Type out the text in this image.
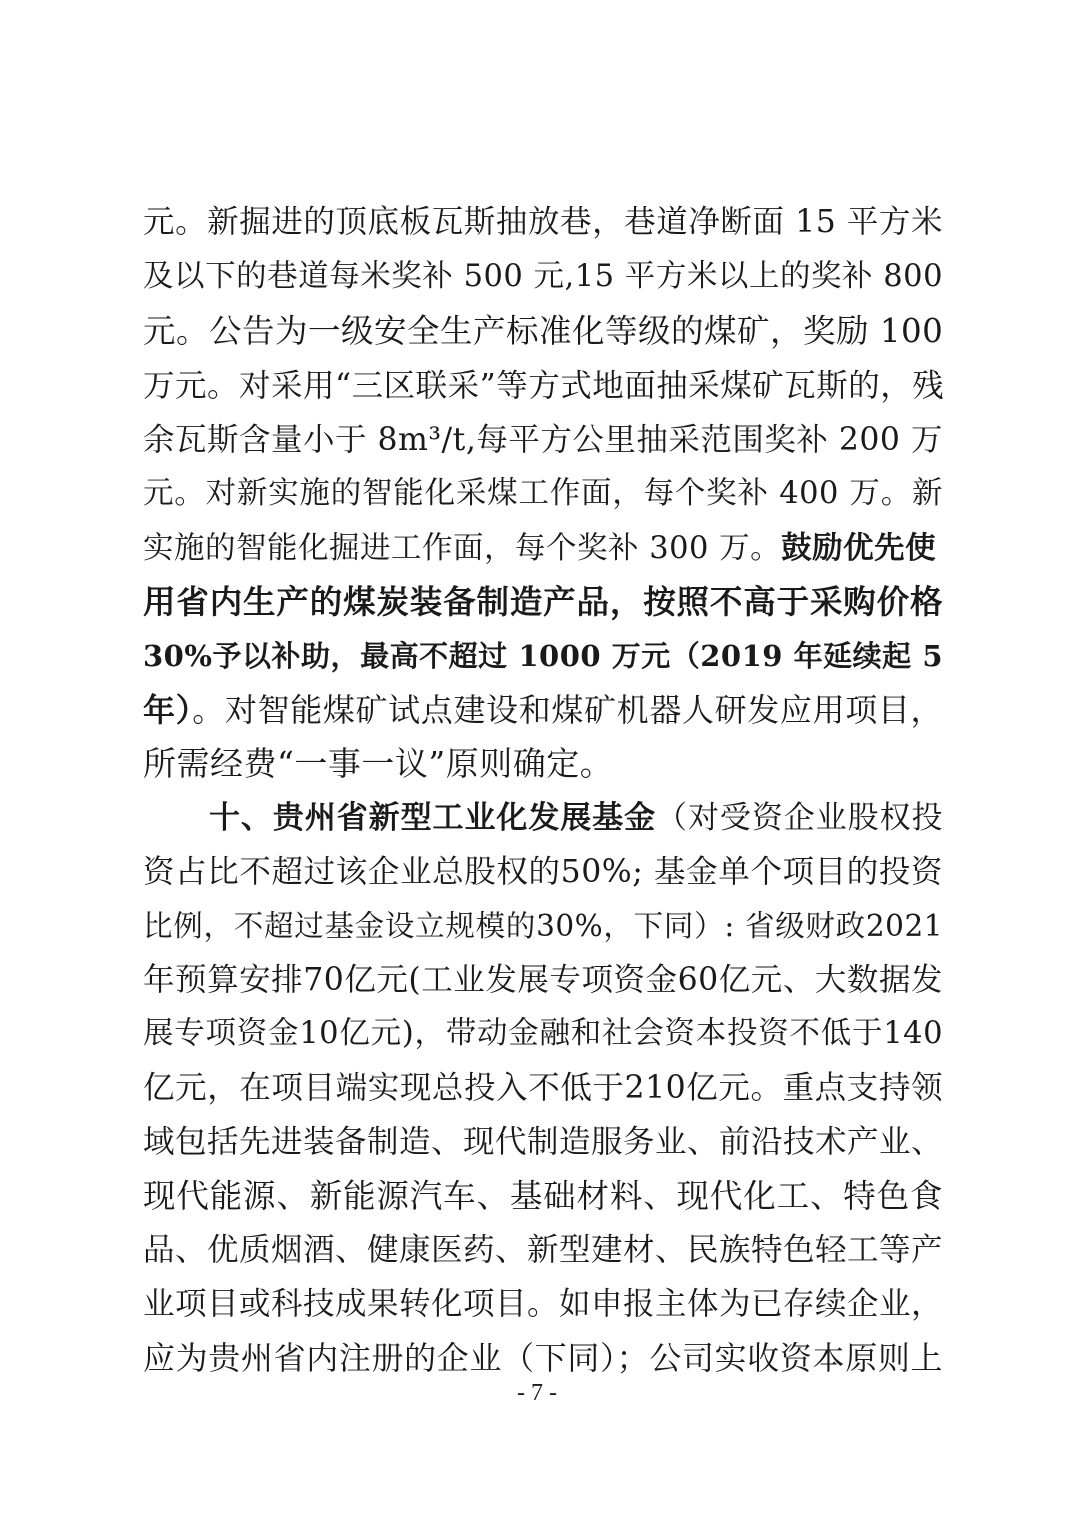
元。新掘进的顶底板瓦斯抽放巷，巷道净断面 15 平方米
及以下的巷道每米奖补 500 元,15 平方米以上的奖补 800
元。公告为一级安全生产标准化等级的煤矿，奖励 100
万元。对采用“三区联采”等方式地面抽采煤矿瓦斯的，残
余瓦斯含量小于 8m³/t,每平方公里抽采范围奖补 200 万
元。对新实施的智能化采煤工作面，每个奖补 400 万。新
实施的智能化掘进工作面，每个奖补 300 万。鼓励优先使
用省内生产的煤炭装备制造产品，按照不高于采购价格
30%予以补助，最高不超过 1000 万元（2019 年延续起 5
年）。对智能煤矿试点建设和煤矿机器人研发应用项目，
所需经费“一事一议”原则确定。
十、贵州省新型工业化发展基金（对受资企业股权投
资占比不超过该企业总股权的50%; 基金单个项目的投资
比例，不超过基金设立规模的30%，下同）: 省级财政2021
年预算安排70亿元(工业发展专项资金60亿元、大数据发
展专项资金10亿元)，带动金融和社会资本投资不低于140
亿元，在项目端实现总投入不低于210亿元。重点支持领
域包括先进装备制造、现代制造服务业、前沿技术产业、
现代能源、新能源汽车、基础材料、现代化工、特色食
品、优质烟酒、健康医药、新型建材、民族特色轻工等产
业项目或科技成果转化项目。如申报主体为已存续企业，
应为贵州省内注册的企业（下同）；公司实收资本原则上
- 7 -
